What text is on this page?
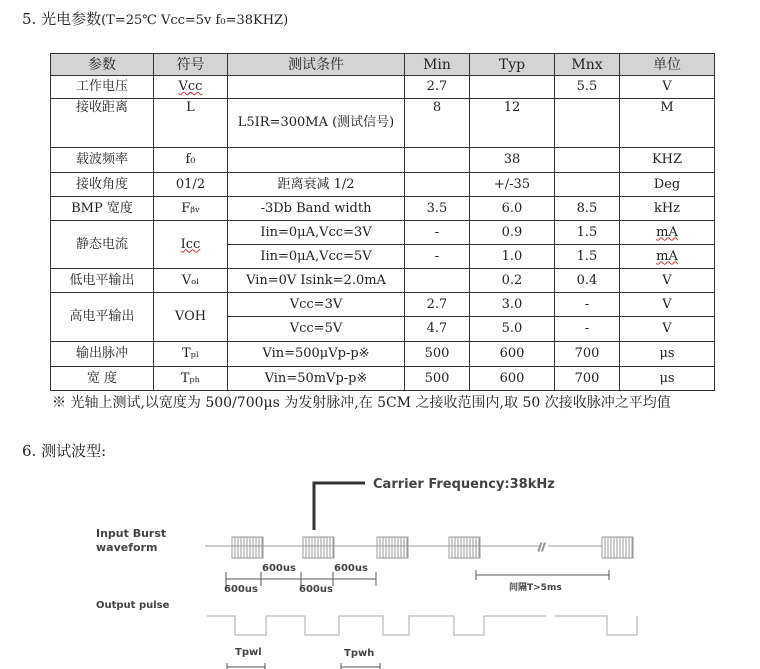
5. 光电参数(T=25℃ Vcc=5v f₀=38KHZ)
参数	符号	测试条件	Min	Typ	Mnx	单位
工作电压	Vcc		2.7		5.5	V
接收距离	L	L5IR=300MA (测试信号)	8	12		M
载波频率	f₀			38		KHZ
接收角度	01/2	距离衰减 1/2		+/-35		Deg
BMP 宽度	Fᵦᵥ	-3Db Band width	3.5	6.0	8.5	kHz
静态电流	Icc	Iin=0μA,Vcc=3V	-	0.9	1.5	mA
		Iin=0μA,Vcc=5V	-	1.0	1.5	mA
低电平输出	Vₒₗ	Vin=0V Isink=2.0mA		0.2	0.4	V
高电平输出	VOH	Vcc=3V	2.7	3.0	-	V
		Vcc=5V	4.7	5.0	-	V
输出脉冲	Tₚₗ	Vin=500μVp-p※	500	600	700	μs
宽 度	Tₚₕ	Vin=50mVp-p※	500	600	700	μs
※ 光轴上测试,以宽度为 500/700μs 为发射脉冲,在 5CM 之接收范围内,取 50 次接收脉冲之平均值
6. 测试波型:
//
Carrier Frequency:38kHz
Input Burst
waveform
600us	600us
600us	600us	间隔T>5ms
Output pulse
Tpwl	Tpwh
